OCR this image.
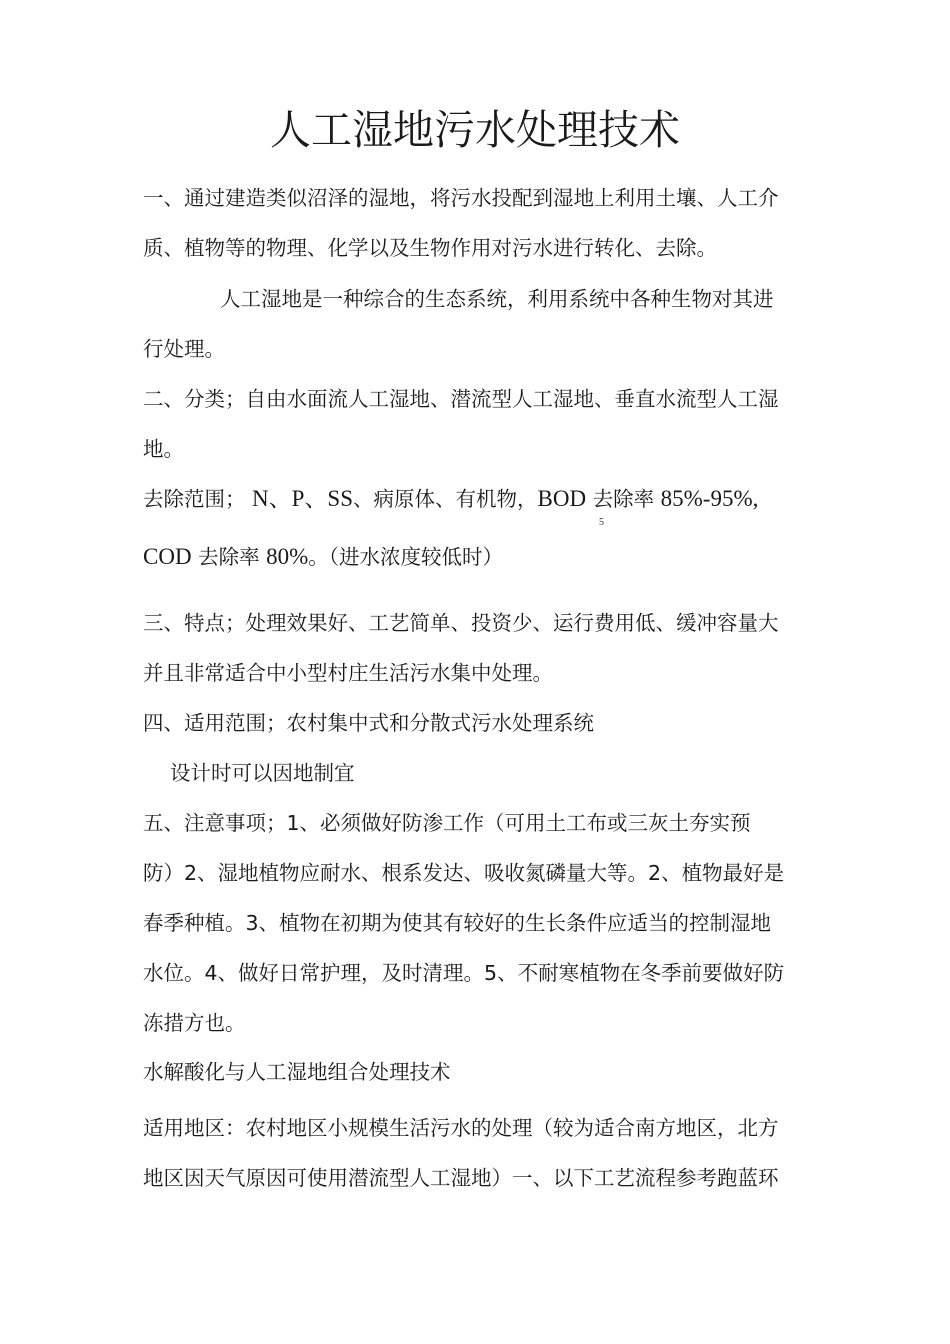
人工湿地污水处理技术
一、通过建造类似沼泽的湿地，将污水投配到湿地上利用土壤、人工介
质、植物等的物理、化学以及生物作用对污水进行转化、去除。
人工湿地是一种综合的生态系统，利用系统中各种生物对其进
行处理。
二、分类；自由水面流人工湿地、潜流型人工湿地、垂直水流型人工湿
地。
去除范围； N、P、SS、病原体、有机物，BOD 去除率 85%-95%,
5
COD 去除率 80%。（进水浓度较低时）
三、特点；处理效果好、工艺简单、投资少、运行费用低、缓冲容量大
并且非常适合中小型村庄生活污水集中处理。
四、适用范围；农村集中式和分散式污水处理系统
设计时可以因地制宜
五、注意事项；1、必须做好防渗工作（可用土工布或三灰土夯实预
防）2、湿地植物应耐水、根系发达、吸收氮磷量大等。2、植物最好是
春季种植。3、植物在初期为使其有较好的生长条件应适当的控制湿地
水位。4、做好日常护理，及时清理。5、不耐寒植物在冬季前要做好防
冻措方也。
水解酸化与人工湿地组合处理技术
适用地区：农村地区小规模生活污水的处理（较为适合南方地区，北方
地区因天气原因可使用潜流型人工湿地）一、以下工艺流程参考跑蓝环
